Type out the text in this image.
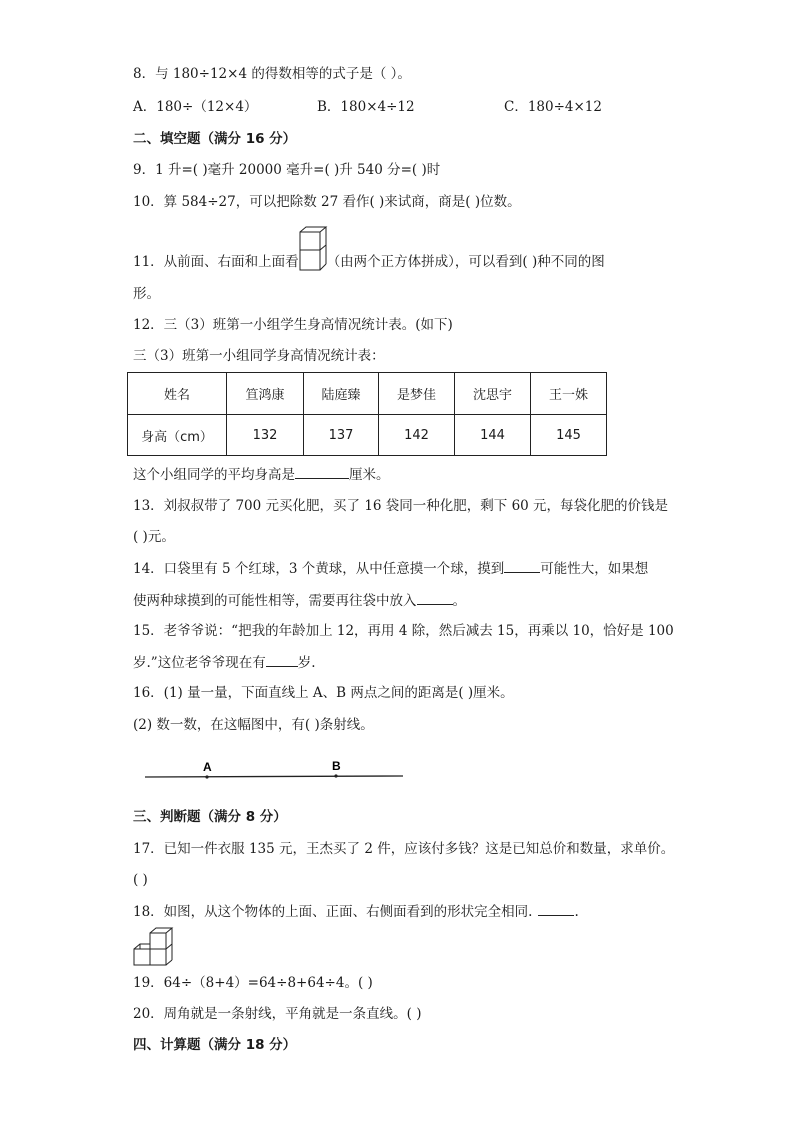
8．与 180÷12×4 的得数相等的式子是（ ）。
A．180÷（12×4）	B．180×4÷12	C．180÷4×12
二、填空题（满分 16 分）
9．1 升=( )毫升 20000 毫升=( )升 540 分=( )时
10．算 584÷27，可以把除数 27 看作( )来试商，商是( )位数。
11．从前面、右面和上面看 （由两个正方体拼成），可以看到( )种不同的图
形。
12．三（3）班第一小组学生身高情况统计表。(如下)
三（3）班第一小组同学身高情况统计表：
姓名	笪鸿康	陆庭臻	是梦佳	沈思宇	王一姝
身高（cm）	132	137	142	144	145
这个小组同学的平均身高是	厘米。
13．刘叔叔带了 700 元买化肥，买了 16 袋同一种化肥，剩下 60 元，每袋化肥的价钱是
( )元。
14．口袋里有 5 个红球，3 个黄球，从中任意摸一个球，摸到	可能性大，如果想
使两种球摸到的可能性相等，需要再往袋中放入	。
15．老爷爷说：“把我的年龄加上 12，再用 4 除，然后减去 15，再乘以 10，恰好是 100
岁.”这位老爷爷现在有 岁.
16．(1) 量一量，下面直线上 A、B 两点之间的距离是( )厘米。
(2) 数一数，在这幅图中，有( )条射线。
A	B
三、判断题（满分 8 分）
17．已知一件衣服 135 元，王杰买了 2 件，应该付多钱？这是已知总价和数量，求单价。
( )
18．如图，从这个物体的上面、正面、右侧面看到的形状完全相同.	.
19．64÷（8+4）=64÷8+64÷4。( )
20．周角就是一条射线，平角就是一条直线。( )
四、计算题（满分 18 分）
